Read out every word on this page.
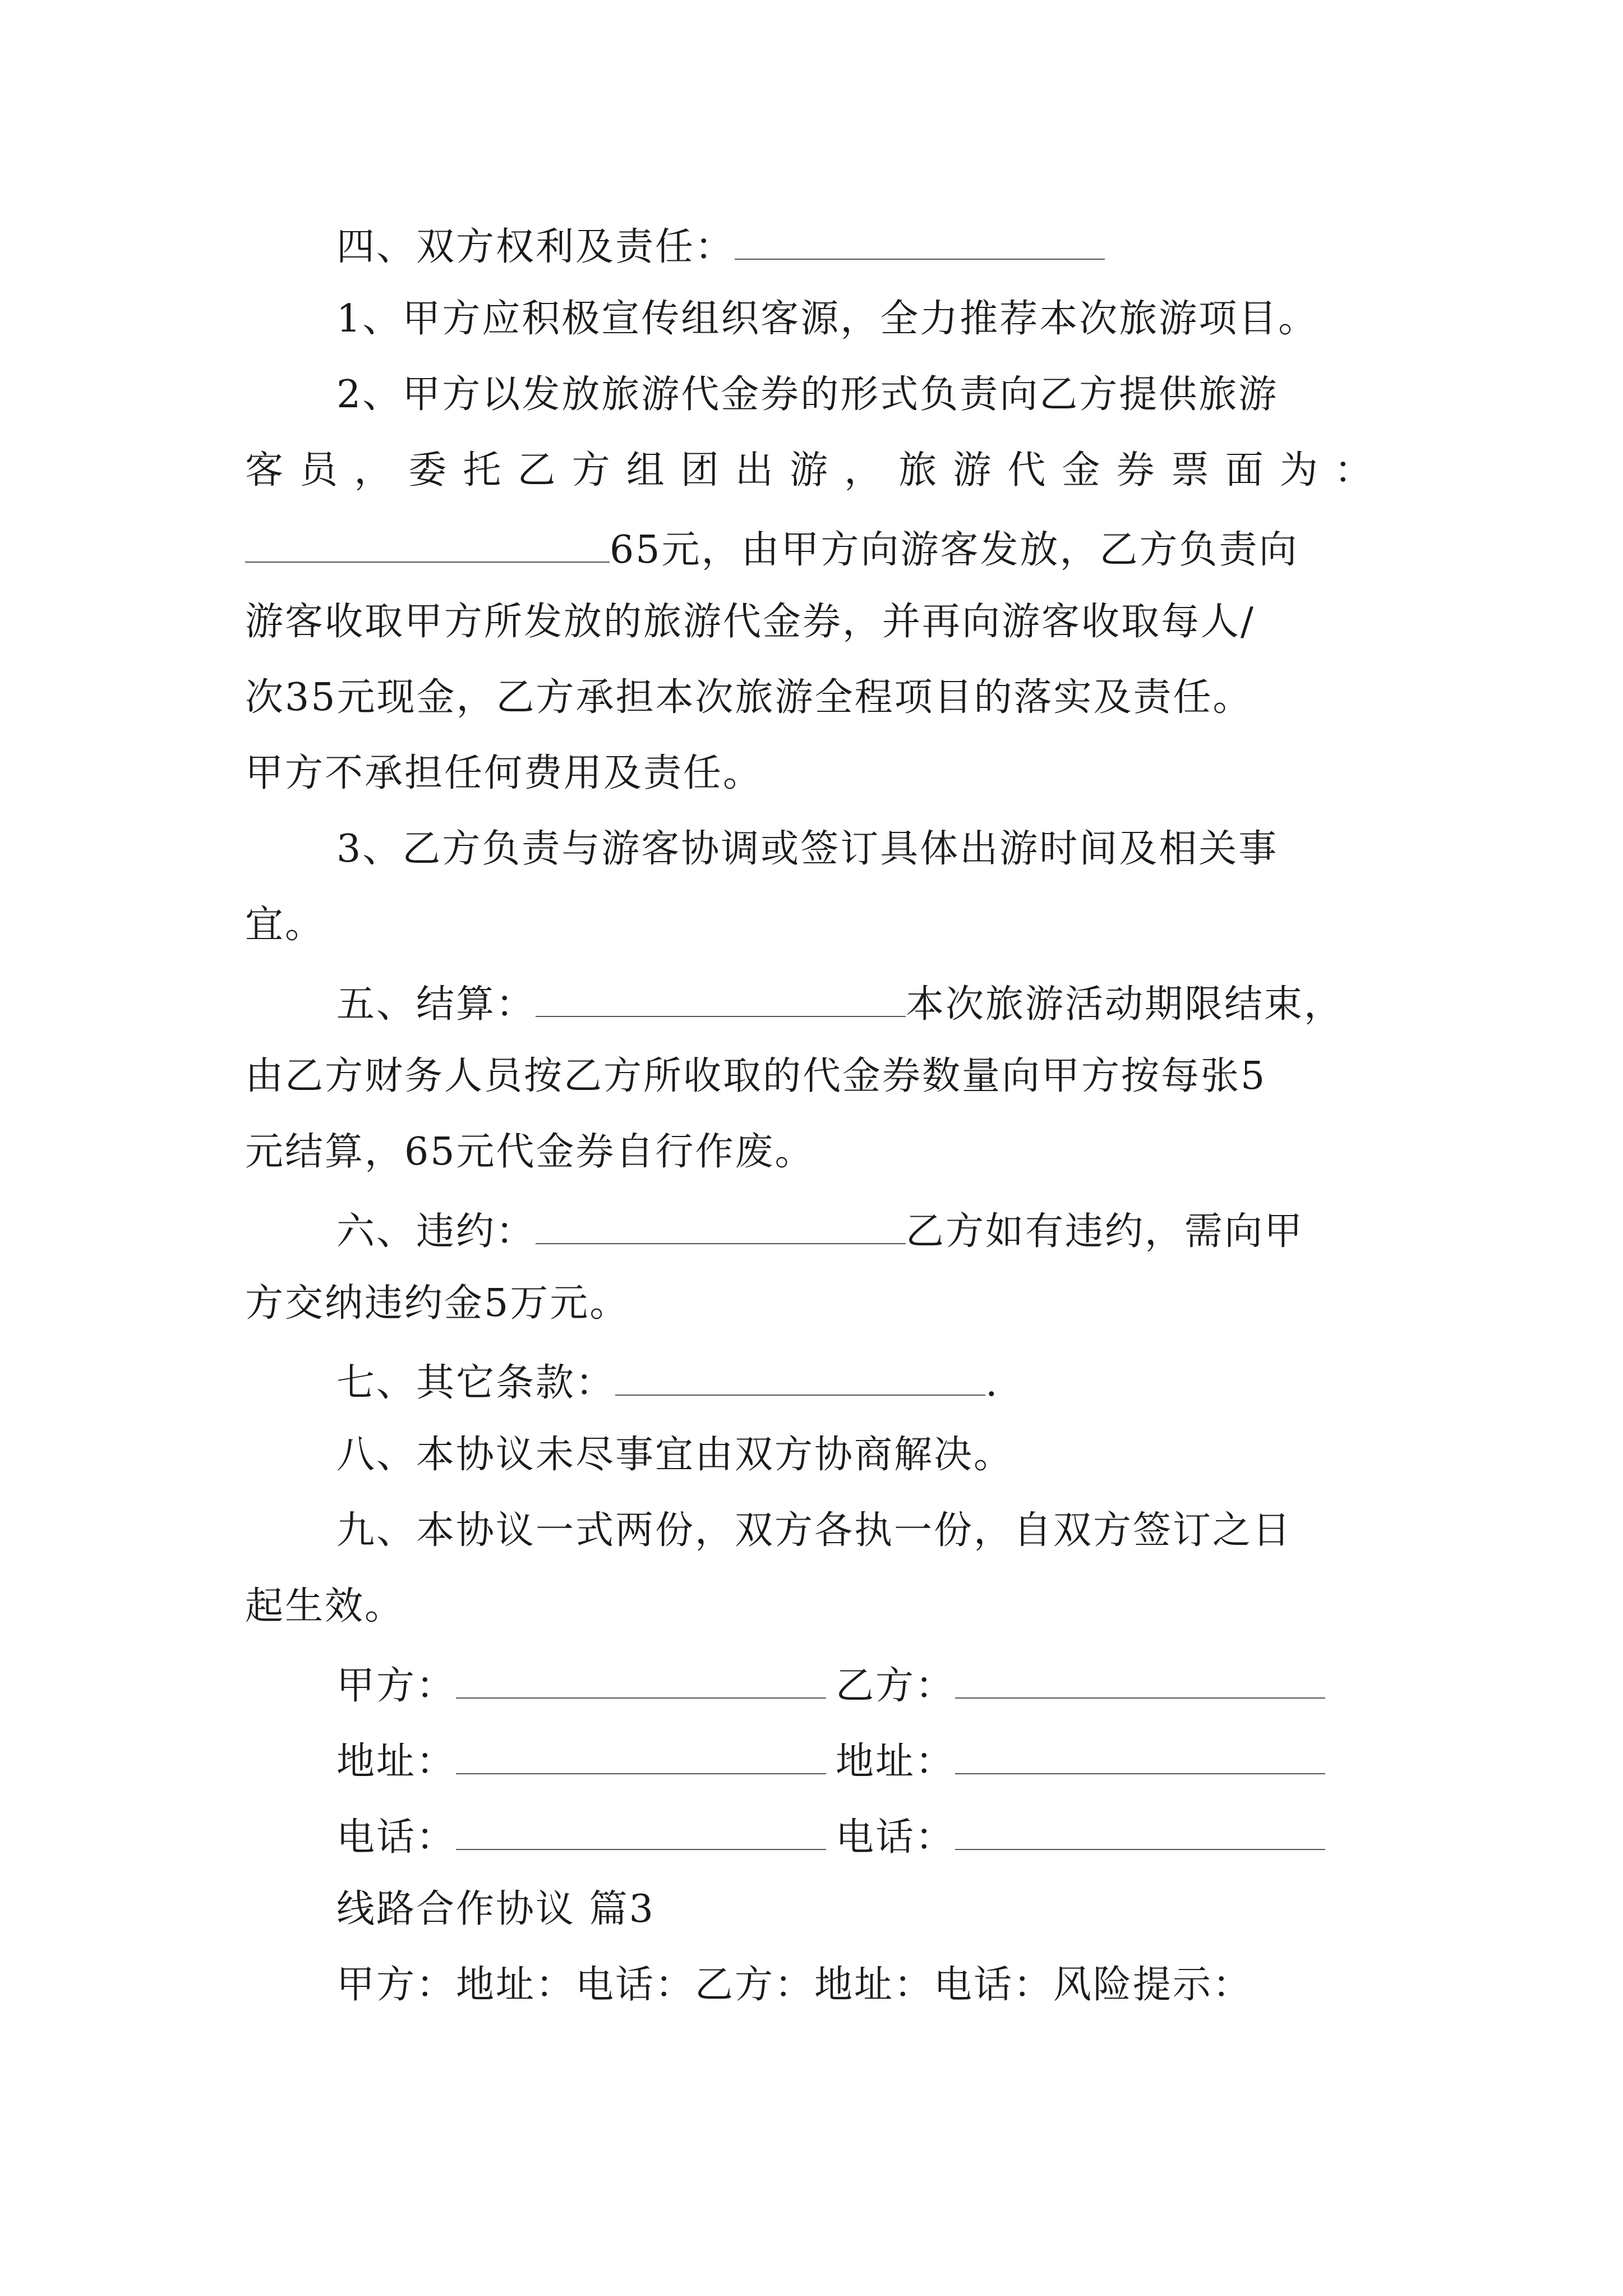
四、双方权利及责任：
1、甲方应积极宣传组织客源，全力推荐本次旅游项目。
2、甲方以发放旅游代金券的形式负责向乙方提供旅游
客员，委托乙方组团出游，旅游代金券票面为：
65元，由甲方向游客发放，乙方负责向
游客收取甲方所发放的旅游代金券，并再向游客收取每人/
次35元现金，乙方承担本次旅游全程项目的落实及责任。
甲方不承担任何费用及责任。
3、乙方负责与游客协调或签订具体出游时间及相关事
宜。
五、结算：	本次旅游活动期限结束，
由乙方财务人员按乙方所收取的代金券数量向甲方按每张5
元结算，65元代金券自行作废。
六、违约：	乙方如有违约，需向甲
方交纳违约金5万元。
七、其它条款：	.
八、本协议未尽事宜由双方协商解决。
九、本协议一式两份，双方各执一份，自双方签订之日
起生效。
甲方：	乙方：
地址：	地址：
电话：	电话：
线路合作协议 篇3
甲方：地址：电话：乙方：地址：电话：风险提示：
